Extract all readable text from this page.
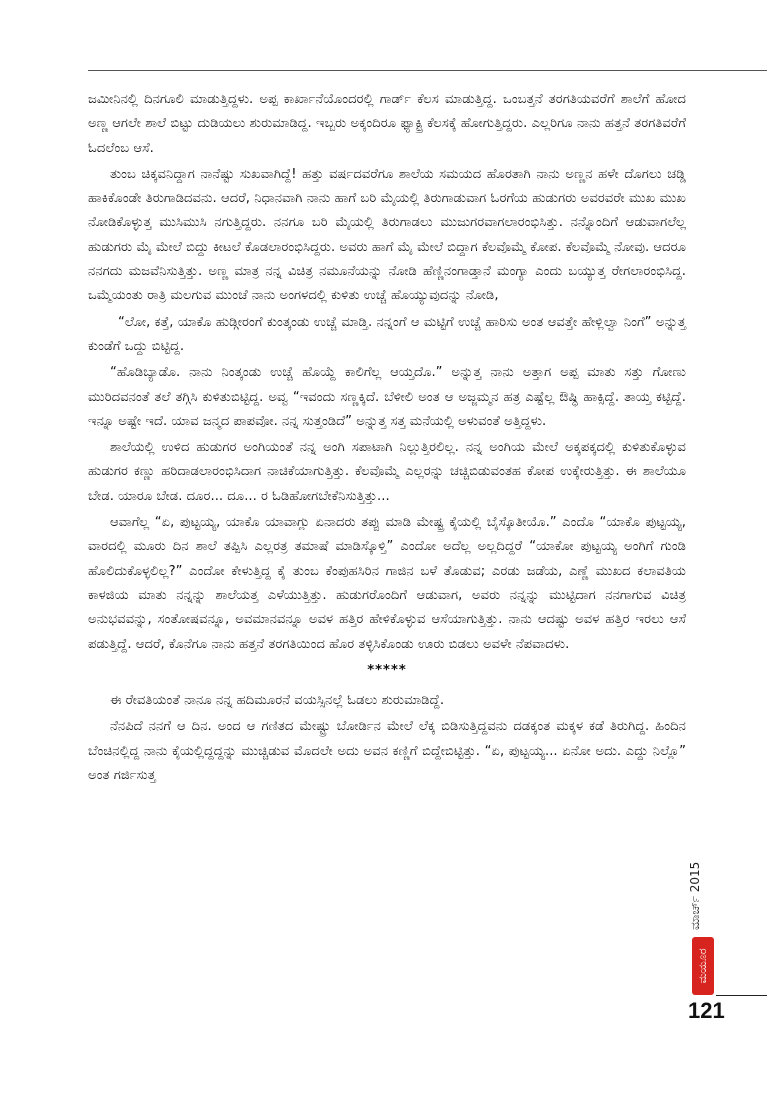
ಜಮೀನಿನಲ್ಲಿ ದಿನಗೂಲಿ ಮಾಡುತ್ತಿದ್ದಳು. ಅಪ್ಪ ಕಾರ್ಖಾನೆಯೊಂದರಲ್ಲಿ ಗಾರ್ಡ್ ಕೆಲಸ ಮಾಡುತ್ತಿದ್ದ. ಒಂಬತ್ತನೆ ತರಗತಿಯವರೆಗೆ ಶಾಲೆಗೆ ಹೋದ ಅಣ್ಣ ಆಗಲೇ ಶಾಲೆ ಬಿಟ್ಟು ದುಡಿಯಲು ಶುರುಮಾಡಿದ್ದ. ಇಬ್ಬರು ಅಕ್ಕಂದಿರೂ ಫ್ಯಾಕ್ಟ್ರಿ ಕೆಲಸಕ್ಕೆ ಹೋಗುತ್ತಿದ್ದರು. ಎಲ್ಲರಿಗೂ ನಾನು ಹತ್ತನೆ ತರಗತಿವರೆಗೆ ಓದಲೆಂಬ ಆಸೆ.

ತುಂಬ ಚಿಕ್ಕವನಿದ್ದಾಗ ನಾನೆಷ್ಟು ಸುಖವಾಗಿದ್ದೆ! ಹತ್ತು ವರ್ಷದವರೆಗೂ ಶಾಲೆಯ ಸಮಯದ ಹೊರತಾಗಿ ನಾನು ಅಣ್ಣನ ಹಳೇ ದೊಗಲು ಚಡ್ಡಿ ಹಾಕಿಕೊಂಡೇ ತಿರುಗಾಡಿದವನು. ಆದರೆ, ನಿಧಾನವಾಗಿ ನಾನು ಹಾಗೆ ಬರಿ ಮೈಯಲ್ಲಿ ತಿರುಗಾಡುವಾಗ ಓರಗೆಯ ಹುಡುಗರು ಅವರವರೇ ಮುಖ ಮುಖ ನೋಡಿಕೊಳ್ಳುತ್ತ ಮುಸಿಮುಸಿ ನಗುತ್ತಿದ್ದರು. ನನಗೂ ಬರಿ ಮೈಯಲ್ಲಿ ತಿರುಗಾಡಲು ಮುಜುಗರವಾಗಲಾರಂಭಿಸಿತ್ತು. ನನ್ನೊಂದಿಗೆ ಆಡುವಾಗಲೆಲ್ಲ ಹುಡುಗರು ಮೈ ಮೇಲೆ ಬಿದ್ದು ಕೀಟಲೆ ಕೊಡಲಾರಂಭಿಸಿದ್ದರು. ಅವರು ಹಾಗೆ ಮೈ ಮೇಲೆ ಬಿದ್ದಾಗ ಕೆಲವೊಮ್ಮೆ ಕೋಪ. ಕೆಲವೊಮ್ಮೆ ನೋವು. ಆದರೂ ನನಗದು ಮಜವೆನಿಸುತ್ತಿತ್ತು. ಅಣ್ಣ ಮಾತ್ರ ನನ್ನ ವಿಚಿತ್ರ ನಮೂನೆಯನ್ನು ನೋಡಿ ಹೆಣ್ಣಿನಂಗಾಡ್ತಾನೆ ಮಂಗ್ಯಾ ಎಂದು ಬಯ್ಯುತ್ತ ರೇಗಲಾರಂಭಿಸಿದ್ದ. ಒಮ್ಮೆಯಂತು ರಾತ್ರಿ ಮಲಗುವ ಮುಂಚೆ ನಾನು ಅಂಗಳದಲ್ಲಿ ಕುಳಿತು ಉಚ್ಚೆ ಹೊಯ್ಯುವುದನ್ನು ನೋಡಿ,

“ಲೋ, ಕತ್ತೆ, ಯಾಕೊ ಹುಡ್ಗೀರಂಗೆ ಕುಂತ್ಕಂಡು ಉಚ್ಚೆ ಮಾಡ್ತಿ. ನನ್ನಂಗೆ ಆ ಮಟ್ಟಿಗೆ ಉಚ್ಚೆ ಹಾರಿಸು ಅಂತ ಆವತ್ತೇ ಹೇಳ್ಲಿಲ್ವಾ ನಿಂಗೆ” ಅನ್ನುತ್ತ ಕುಂಡೆಗೆ ಒದ್ದು ಬಿಟ್ಟಿದ್ದ.

“ಹೊಡಿಬ್ಯಾಡೊ. ನಾನು ನಿಂತ್ಕಂಡು ಉಚ್ಚೆ ಹೊಯ್ದೆ ಕಾಲಿಗೆಲ್ಲ ಆಯ್ತದೊ.” ಅನ್ನುತ್ತ ನಾನು ಅತ್ತಾಗ ಅಪ್ಪ ಮಾತು ಸತ್ತು ಗೋಣು ಮುರಿದವನಂತೆ ತಲೆ ತಗ್ಗಿಸಿ ಕುಳಿತುಬಿಟ್ಟಿದ್ದ. ಅವ್ವ “ಇವಂದು ಸಣ್ಣಕ್ಕಿದೆ. ಬೆಳೀಲಿ ಅಂತ ಆ ಅಜ್ಜಮ್ಮನ ಹತ್ರ ಎಷ್ಟೆಲ್ಲ ಔಷ್ಧಿ ಹಾಕ್ಸಿದ್ದೆ. ತಾಯ್ತ ಕಟ್ಟಿದ್ದೆ. ಇನ್ನೂ ಅಷ್ಟೇ ಇದೆ. ಯಾವ ಜನ್ಮದ ಪಾಪವೋ. ನನ್ನ ಸುತ್ತಂಡಿದೆ” ಅನ್ನುತ್ತ ಸತ್ತ ಮನೆಯಲ್ಲಿ ಅಳುವಂತೆ ಅತ್ತಿದ್ದಳು.

ಶಾಲೆಯಲ್ಲಿ ಉಳಿದ ಹುಡುಗರ ಅಂಗಿಯಂತೆ ನನ್ನ ಅಂಗಿ ಸಪಾಟಾಗಿ ನಿಲ್ಲುತ್ತಿರಲಿಲ್ಲ. ನನ್ನ ಅಂಗಿಯ ಮೇಲೆ ಅಕ್ಕಪಕ್ಕದಲ್ಲಿ ಕುಳಿತುಕೊಳ್ಳುವ ಹುಡುಗರ ಕಣ್ಣು ಹರಿದಾಡಲಾರಂಭಿಸಿದಾಗ ನಾಚಿಕೆಯಾಗುತ್ತಿತ್ತು. ಕೆಲವೊಮ್ಮೆ ಎಲ್ಲರನ್ನು ಚಚ್ಚಿಬಿಡುವಂತಹ ಕೋಪ ಉಕ್ಕೇರುತ್ತಿತ್ತು. ಈ ಶಾಲೆಯೂ ಬೇಡ. ಯಾರೂ ಬೇಡ. ದೂರ... ದೂ... ರ ಓಡಿಹೋಗಬೇಕೆನಿಸುತ್ತಿತ್ತು...

ಆವಾಗೆಲ್ಲ “ಏ, ಪುಟ್ಟಯ್ಯ, ಯಾಕೊ ಯಾವಾಗ್ಲು ಏನಾದರು ತಪ್ಪು ಮಾಡಿ ಮೇಷ್ಟ್ರ ಕೈಯಲ್ಲಿ ಬೈಸ್ಕೊತೀಯೊ.” ಎಂದೊ “ಯಾಕೊ ಪುಟ್ಟಯ್ಯ, ವಾರದಲ್ಲಿ ಮೂರು ದಿನ ಶಾಲೆ ತಪ್ಪಿಸಿ ಎಲ್ಲರತ್ರ ತಮಾಷೆ ಮಾಡಿಸ್ಕೊಳ್ತಿ” ಎಂದೋ ಅದೆಲ್ಲ ಅಲ್ಲದಿದ್ದರೆ “ಯಾಕೋ ಪುಟ್ಟಯ್ಯ ಅಂಗಿಗೆ ಗುಂಡಿ ಹೊಲಿದುಕೊಳ್ಳಲಿಲ್ಲ?” ಎಂದೋ ಕೇಳುತ್ತಿದ್ದ ಕೈ ತುಂಬ ಕೆಂಪುಹಸಿರಿನ ಗಾಜಿನ ಬಳೆ ತೊಡುವ; ಎರಡು ಜಡೆಯ, ಎಣ್ಣೆ ಮುಖದ ಕಲಾವತಿಯ ಕಾಳಜಿಯ ಮಾತು ನನ್ನನ್ನು ಶಾಲೆಯತ್ತ ಎಳೆಯುತ್ತಿತ್ತು. ಹುಡುಗರೊಂದಿಗೆ ಆಡುವಾಗ, ಅವರು ನನ್ನನ್ನು ಮುಟ್ಟಿದಾಗ ನನಗಾಗುವ ವಿಚಿತ್ರ ಅನುಭವವನ್ನು, ಸಂತೋಷವನ್ನೂ, ಅವಮಾನವನ್ನೂ ಅವಳ ಹತ್ತಿರ ಹೇಳಿಕೊಳ್ಳುವ ಆಸೆಯಾಗುತ್ತಿತ್ತು. ನಾನು ಆದಷ್ಟು ಅವಳ ಹತ್ತಿರ ಇರಲು ಆಸೆ ಪಡುತ್ತಿದ್ದೆ. ಆದರೆ, ಕೊನೆಗೂ ನಾನು ಹತ್ತನೆ ತರಗತಿಯಿಂದ ಹೊರ ತಳ್ಳಿಸಿಕೊಂಡು ಊರು ಬಿಡಲು ಅವಳೇ ನೆಪವಾದಳು.

*****

ಈ ರೇವತಿಯಂತೆ ನಾನೂ ನನ್ನ ಹದಿಮೂರನೆ ವಯಸ್ಸಿನಲ್ಲೆ ಓಡಲು ಶುರುಮಾಡಿದ್ದೆ.

ನೆನಪಿದೆ ನನಗೆ ಆ ದಿನ. ಅಂದ ಆ ಗಣಿತದ ಮೇಷ್ಟ್ರು ಬೋರ್ಡಿನ ಮೇಲೆ ಲೆಕ್ಕ ಬಿಡಿಸುತ್ತಿದ್ದವನು ದಡಕ್ಕಂತ ಮಕ್ಕಳ ಕಡೆ ತಿರುಗಿದ್ದ. ಹಿಂದಿನ ಬೆಂಚಿನಲ್ಲಿದ್ದ ನಾನು ಕೈಯಲ್ಲಿದ್ದದ್ದನ್ನು ಮುಚ್ಚಿಡುವ ಮೊದಲೇ ಅದು ಅವನ ಕಣ್ಣಿಗೆ ಬಿದ್ದೇಬಿಟ್ಟಿತ್ತು. “ಏ, ಪುಟ್ಟಯ್ಯ... ಏನೋ ಅದು. ಎದ್ದು ನಿಲ್ಲೊ” ಅಂತ ಗರ್ಜಿಸುತ್ತ

ಮಾರ್ಚ್ 2015
ಮಯೂರ
121
